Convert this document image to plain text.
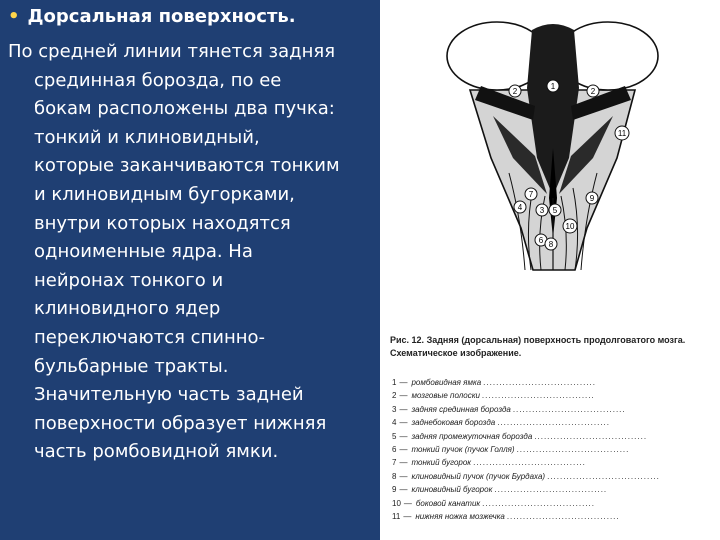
• Дорсальная поверхность.
По средней линии тянется задняя
срединная борозда, по ее
бокам расположены два пучка:
тонкий и клиновидный,
которые заканчиваются тонким
и клиновидным бугорками,
внутри которых находятся
одноименные ядра. На
нейронах тонкого и
клиновидного ядер
переключаются спинно-
бульбарные тракты.
Значительную часть задней
поверхности образует нижняя
часть ромбовидной ямки.
1
2	2
11
7
4 3 5
9
10
6 8
Рис. 12. Задняя (дорсальная) поверхность продолговатого мозга.
Схематическое изображение.
1 — ромбовидная ямка ...................................
2 — мозговые полоски ...................................
3 — задняя срединная борозда ...................................
4 — заднебоковая борозда ...................................
5 — задняя промежуточная борозда ...................................
6 — тонкий пучок (пучок Голля) ...................................
7 — тонкий бугорок ...................................
8 — клиновидный пучок (пучок Бурдаха) ...................................
9 — клиновидный бугорок ...................................
10 — боковой канатик ...................................
11 — нижняя ножка мозжечка ...................................
